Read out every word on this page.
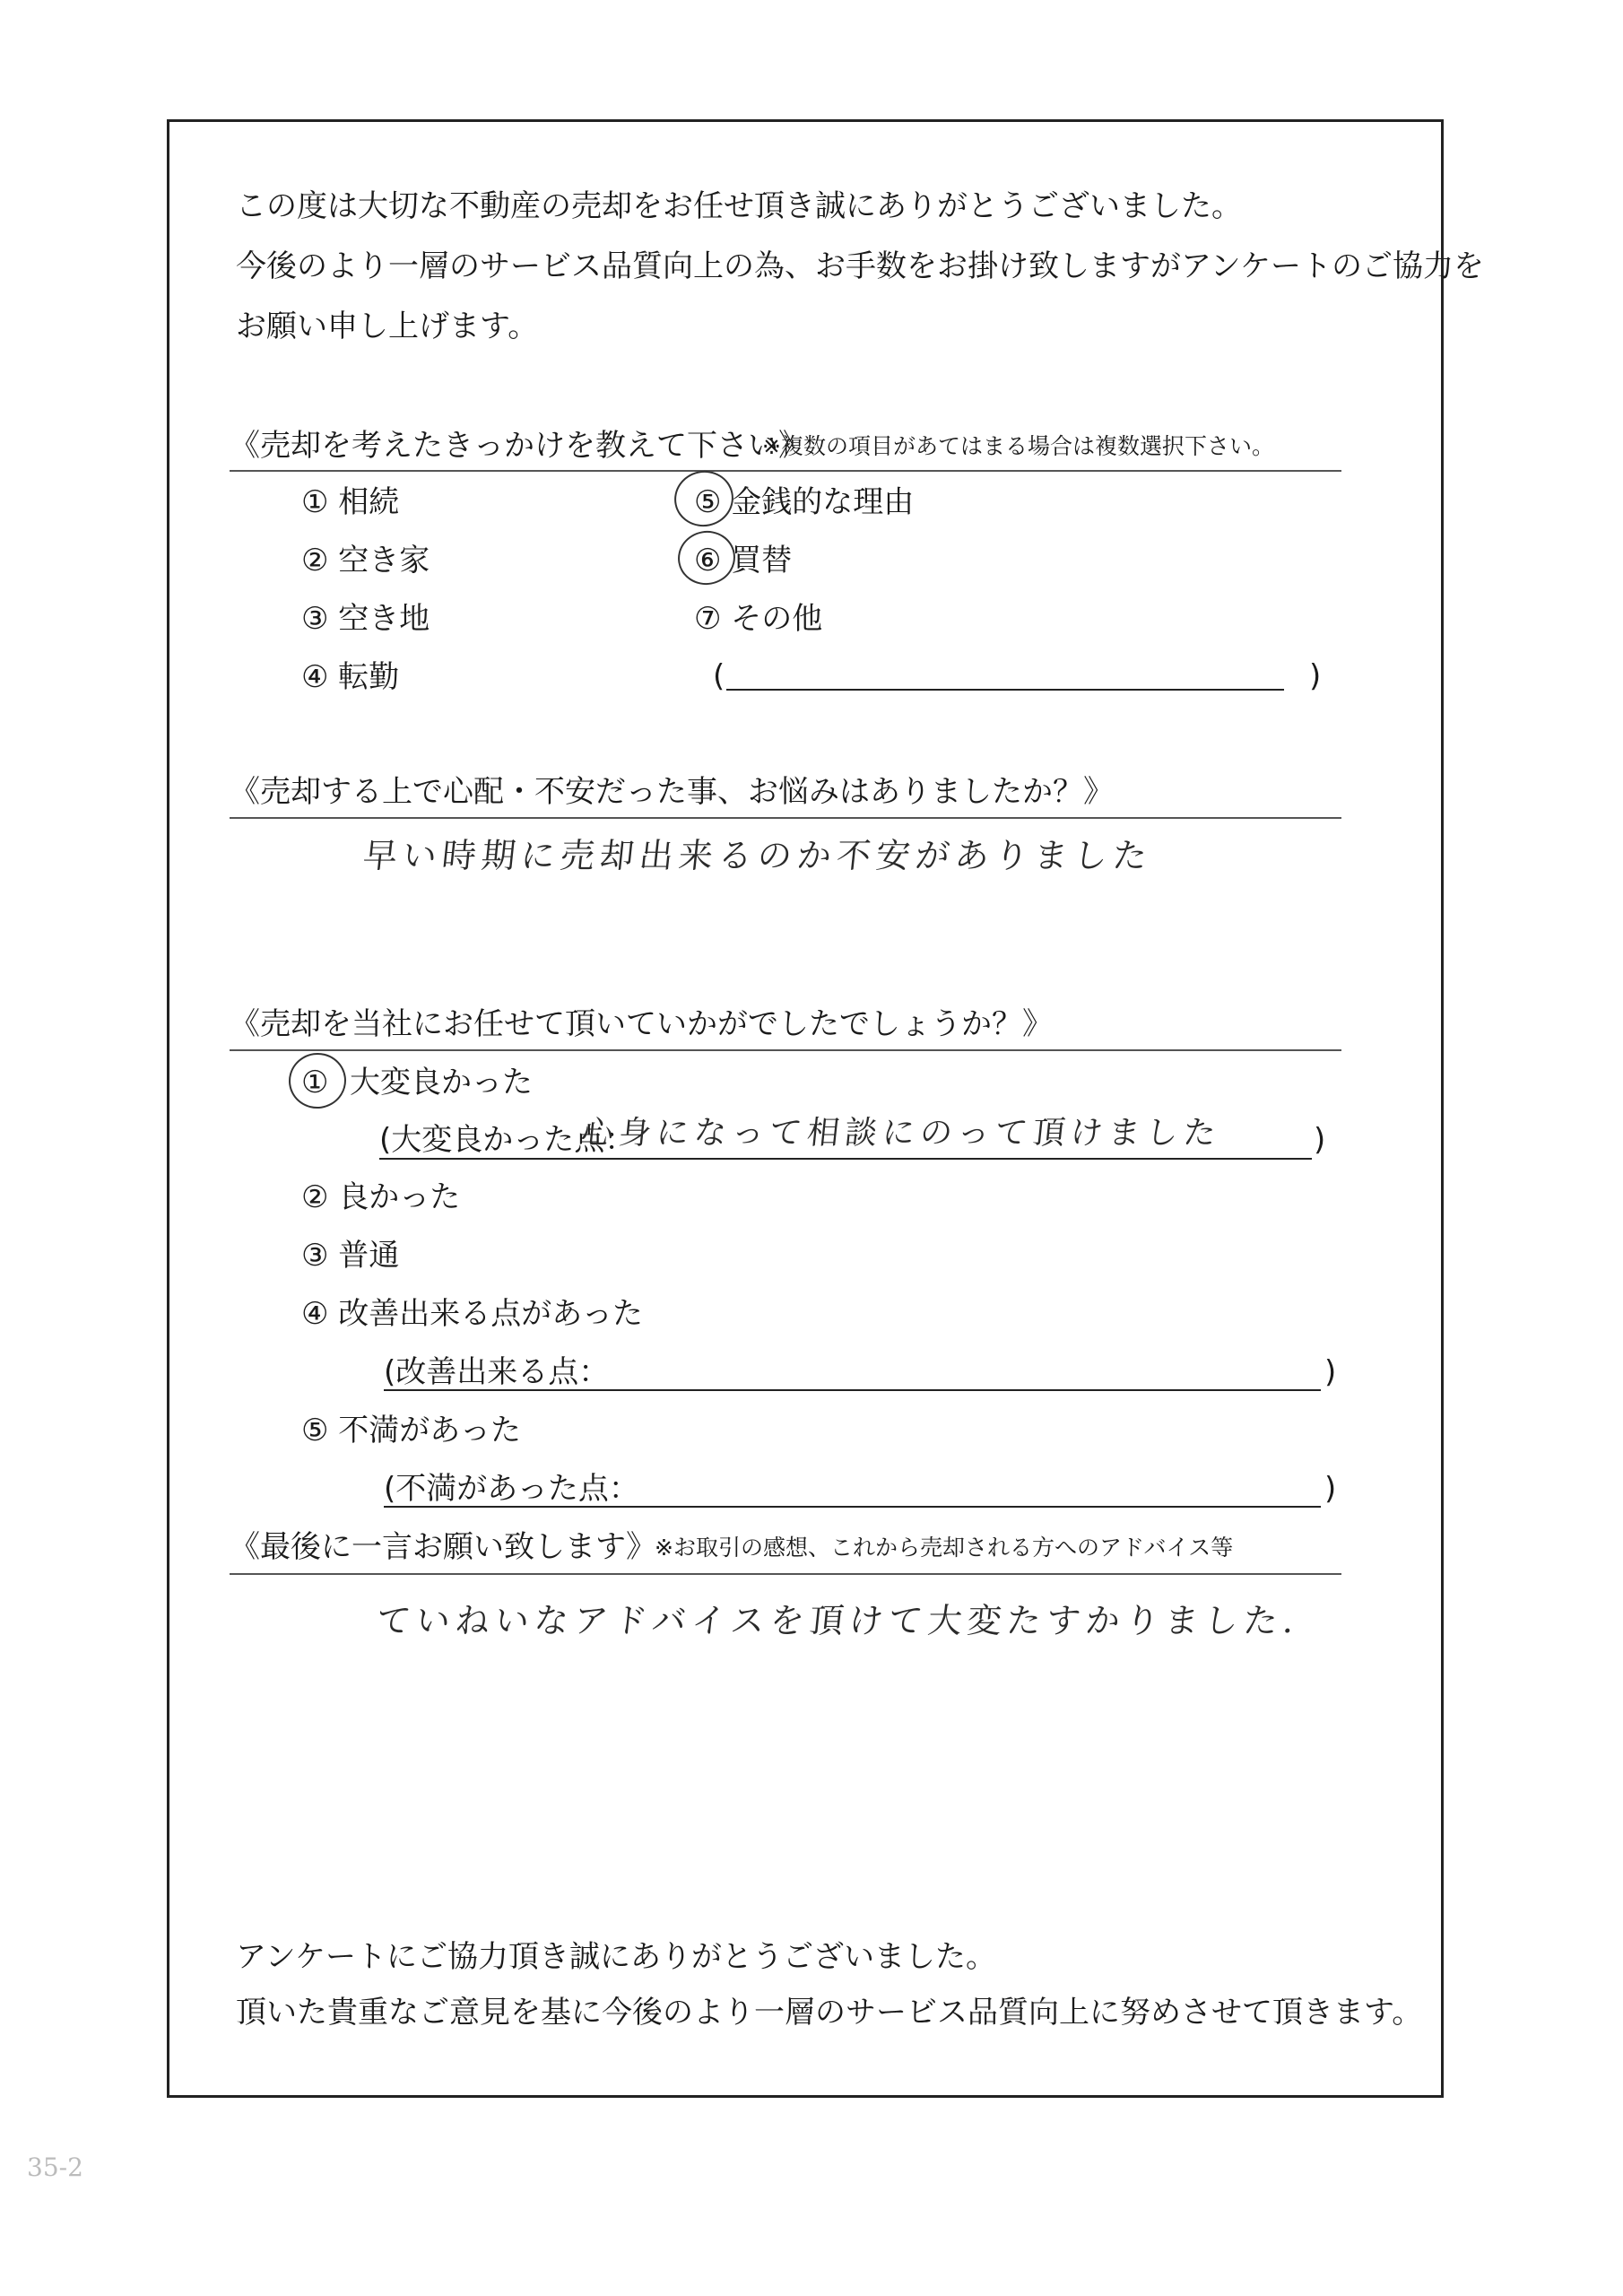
この度は大切な不動産の売却をお任せ頂き誠にありがとうございました。
今後のより一層のサービス品質向上の為、お手数をお掛け致しますがアンケートのご協力を
お願い申し上げます。
《売却を考えたきっかけを教えて下さい》
※複数の項目があてはまる場合は複数選択下さい。
① 相続
② 空き家
③ 空き地
④ 転勤
⑤ 金銭的な理由
⑥ 買替
⑦ その他
(	)
《売却する上で心配・不安だった事、お悩みはありましたか？》
早い時期に売却出来るのか不安がありました
《売却を当社にお任せて頂いていかがでしたでしょうか？》
① 大変良かった
(大変良かった点：
心身になって相談にのって頂けました	)
② 良かった
③ 普通
④ 改善出来る点があった
(改善出来る点：	)
⑤ 不満があった
(不満があった点：	)
《最後に一言お願い致します》
※お取引の感想、これから売却される方へのアドバイス等
ていねいなアドバイスを頂けて大変たすかりました.
アンケートにご協力頂き誠にありがとうございました。
頂いた貴重なご意見を基に今後のより一層のサービス品質向上に努めさせて頂きます。
35-2
